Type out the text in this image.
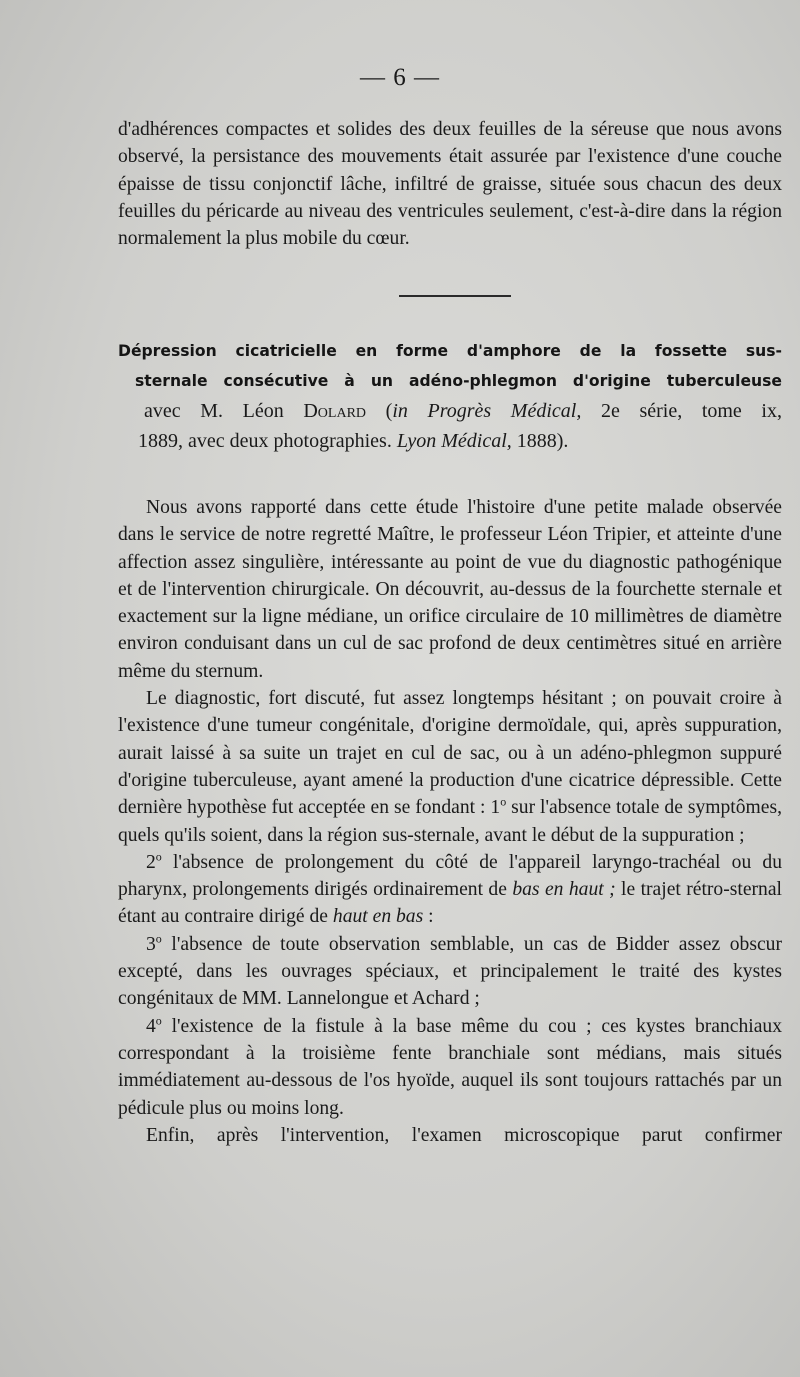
— 6 —

d'adhérences compactes et solides des deux feuilles de la séreuse que nous avons observé, la persistance des mouvements était assurée par l'existence d'une couche épaisse de tissu conjonctif lâche, infiltré de graisse, située sous chacun des deux feuilles du péricarde au niveau des ventricules seulement, c'est-à-dire dans la région normalement la plus mobile du cœur.

Dépression cicatricielle en forme d'amphore de la fossette sus-
sternale consécutive à un adéno-phlegmon d'origine tuberculeuse
avec M. Léon Dolard (in Progrès Médical, 2e série, tome ix,
1889, avec deux photographies. Lyon Médical, 1888).

Nous avons rapporté dans cette étude l'histoire d'une petite malade observée dans le service de notre regretté Maître, le professeur Léon Tripier, et atteinte d'une affection assez singulière, intéressante au point de vue du diagnostic pathogénique et de l'intervention chirurgicale. On découvrit, au-dessus de la fourchette sternale et exactement sur la ligne médiane, un orifice circulaire de 10 millimètres de diamètre environ conduisant dans un cul de sac profond de deux centimètres situé en arrière même du sternum.

Le diagnostic, fort discuté, fut assez longtemps hésitant ; on pouvait croire à l'existence d'une tumeur congénitale, d'origine dermoïdale, qui, après suppuration, aurait laissé à sa suite un trajet en cul de sac, ou à un adéno-phlegmon suppuré d'origine tuberculeuse, ayant amené la production d'une cicatrice dépressible. Cette dernière hypothèse fut acceptée en se fondant : 1$^o$ sur l'absence totale de symptômes, quels qu'ils soient, dans la région sus-sternale, avant le début de la suppuration ;

2$^o$ l'absence de prolongement du côté de l'appareil laryngo-trachéal ou du pharynx, prolongements dirigés ordinairement de bas en haut ; le trajet rétro-sternal étant au contraire dirigé de haut en bas :

3$^o$ l'absence de toute observation semblable, un cas de Bidder assez obscur excepté, dans les ouvrages spéciaux, et principalement le traité des kystes congénitaux de MM. Lannelongue et Achard ;

4$^o$ l'existence de la fistule à la base même du cou ; ces kystes branchiaux correspondant à la troisième fente branchiale sont médians, mais situés immédiatement au-dessous de l'os hyoïde, auquel ils sont toujours rattachés par un pédicule plus ou moins long.

Enfin, après l'intervention, l'examen microscopique parut confirmer
